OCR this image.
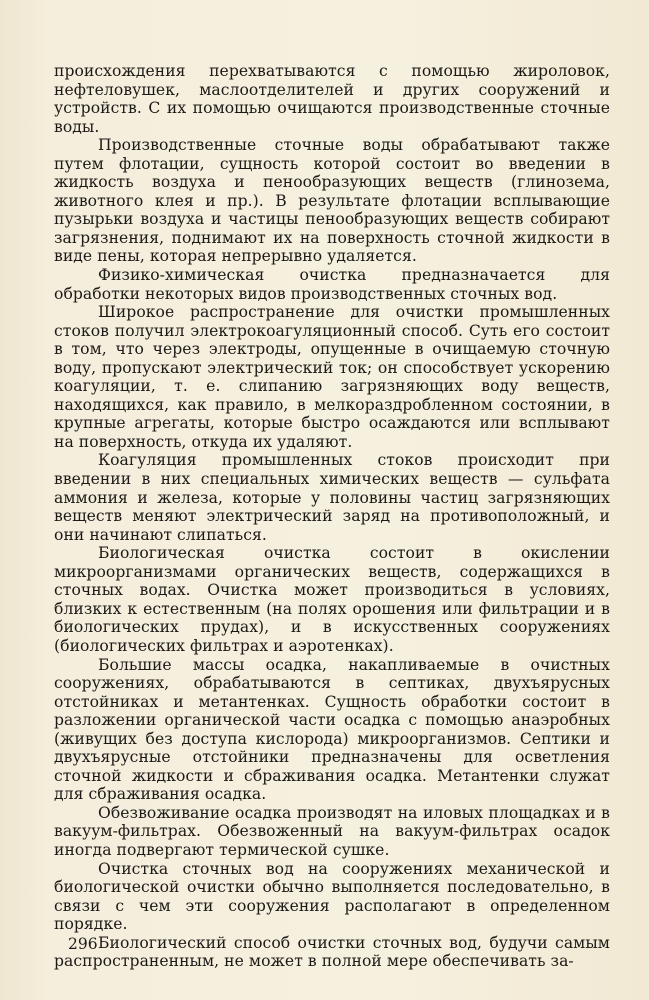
происхождения перехватываются с помощью жироловок, нефтеловушек, маслоотделителей и других сооружений и устройств. С их помощью очищаются производственные сточные воды.

Производственные сточные воды обрабатывают также путем флотации, сущность которой состоит во введении в жидкость воздуха и пенообразующих веществ (глинозема, животного клея и пр.). В результате флотации всплывающие пузырьки воздуха и частицы пенообразующих веществ собирают загрязнения, поднимают их на поверхность сточной жидкости в виде пены, которая непрерывно удаляется.

Физико-химическая очистка предназначается для обработки некоторых видов производственных сточных вод.

Широкое распространение для очистки промышленных стоков получил электрокоагуляционный способ. Суть его состоит в том, что через электроды, опущенные в очищаемую сточную воду, пропускают электрический ток; он способствует ускорению коагуляции, т. е. слипанию загрязняющих воду веществ, находящихся, как правило, в мелкораздробленном состоянии, в крупные агрегаты, которые быстро осаждаются или всплывают на поверхность, откуда их удаляют.

Коагуляция промышленных стоков происходит при введении в них специальных химических веществ — сульфата аммония и железа, которые у половины частиц загрязняющих веществ меняют электрический заряд на противоположный, и они начинают слипаться.

Биологическая очистка состоит в окислении микроорганизмами органических веществ, содержащихся в сточных водах. Очистка может производиться в условиях, близких к естественным (на полях орошения или фильтрации и в биологических прудах), и в искусственных сооружениях (биологических фильтрах и аэротенках).

Большие массы осадка, накапливаемые в очистных сооружениях, обрабатываются в септиках, двухъярусных отстойниках и метантенках. Сущность обработки состоит в разложении органической части осадка с помощью анаэробных (живущих без доступа кислорода) микроорганизмов. Септики и двухъярусные отстойники предназначены для осветления сточной жидкости и сбраживания осадка. Метантенки служат для сбраживания осадка.

Обезвоживание осадка производят на иловых площадках и в вакуум-фильтрах. Обезвоженный на вакуум-фильтрах осадок иногда подвергают термической сушке.

Очистка сточных вод на сооружениях механической и биологической очистки обычно выполняется последовательно, в связи с чем эти сооружения располагают в определенном порядке.

Биологический способ очистки сточных вод, будучи самым распространенным, не может в полной мере обеспечивать за-

296
